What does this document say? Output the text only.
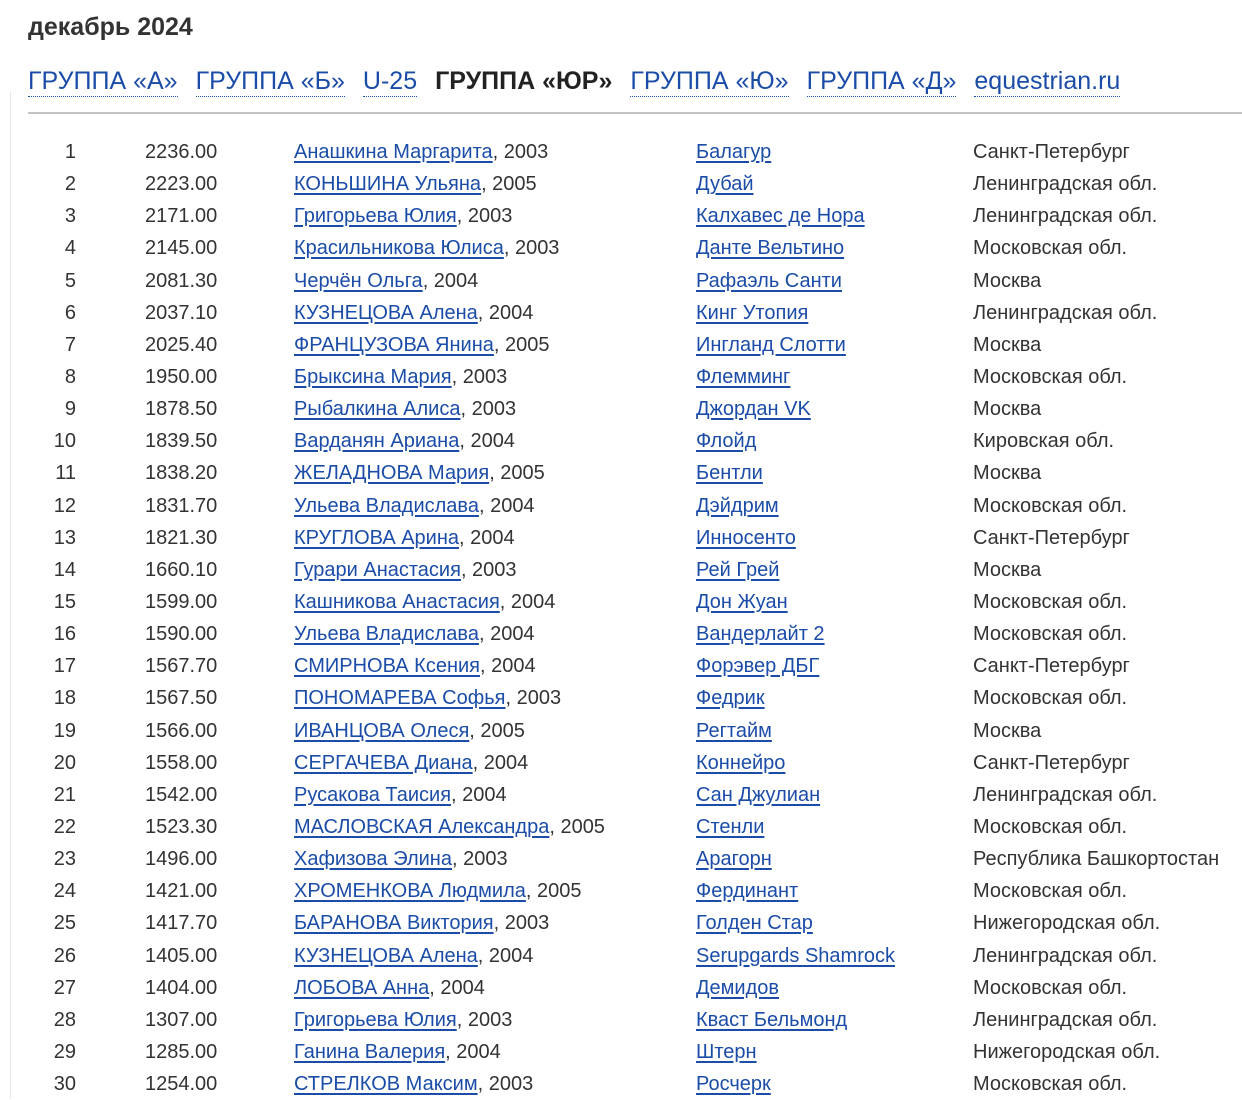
декабрь 2024
ГРУППА «А» ГРУППА «Б» U-25 ГРУППА «ЮР» ГРУППА «Ю» ГРУППА «Д» equestrian.ru
1	2236.00	Анашкина Маргарита, 2003	Балагур	Санкт-Петербург
2	2223.00	КОНЬШИНА Ульяна, 2005	Дубай	Ленинградская обл.
3	2171.00	Григорьева Юлия, 2003	Калхавес де Нора	Ленинградская обл.
4	2145.00	Красильникова Юлиса, 2003	Данте Вельтино	Московская обл.
5	2081.30	Черчён Ольга, 2004	Рафаэль Санти	Москва
6	2037.10	КУЗНЕЦОВА Алена, 2004	Кинг Утопия	Ленинградская обл.
7	2025.40	ФРАНЦУЗОВА Янина, 2005	Ингланд Слотти	Москва
8	1950.00	Брыксина Мария, 2003	Флемминг	Московская обл.
9	1878.50	Рыбалкина Алиса, 2003	Джордан VK	Москва
10	1839.50	Варданян Ариана, 2004	Флойд	Кировская обл.
11	1838.20	ЖЕЛАДНОВА Мария, 2005	Бентли	Москва
12	1831.70	Ульева Владислава, 2004	Дэйдрим	Московская обл.
13	1821.30	КРУГЛОВА Арина, 2004	Инносенто	Санкт-Петербург
14	1660.10	Гурари Анастасия, 2003	Рей Грей	Москва
15	1599.00	Кашникова Анастасия, 2004	Дон Жуан	Московская обл.
16	1590.00	Ульева Владислава, 2004	Вандерлайт 2	Московская обл.
17	1567.70	СМИРНОВА Ксения, 2004	Форэвер ДБГ	Санкт-Петербург
18	1567.50	ПОНОМАРЕВА Софья, 2003	Федрик	Московская обл.
19	1566.00	ИВАНЦОВА Олеся, 2005	Регтайм	Москва
20	1558.00	СЕРГАЧЕВА Диана, 2004	Коннейро	Санкт-Петербург
21	1542.00	Русакова Таисия, 2004	Сан Джулиан	Ленинградская обл.
22	1523.30	МАСЛОВСКАЯ Александра, 2005	Стенли	Московская обл.
23	1496.00	Хафизова Элина, 2003	Арагорн	Республика Башкортостан
24	1421.00	ХРОМЕНКОВА Людмила, 2005	Фердинант	Московская обл.
25	1417.70	БАРАНОВА Виктория, 2003	Голден Стар	Нижегородская обл.
26	1405.00	КУЗНЕЦОВА Алена, 2004	Serupgards Shamrock	Ленинградская обл.
27	1404.00	ЛОБОВА Анна, 2004	Демидов	Московская обл.
28	1307.00	Григорьева Юлия, 2003	Кваст Бельмонд	Ленинградская обл.
29	1285.00	Ганина Валерия, 2004	Штерн	Нижегородская обл.
30	1254.00	СТРЕЛКОВ Максим, 2003	Росчерк	Московская обл.
